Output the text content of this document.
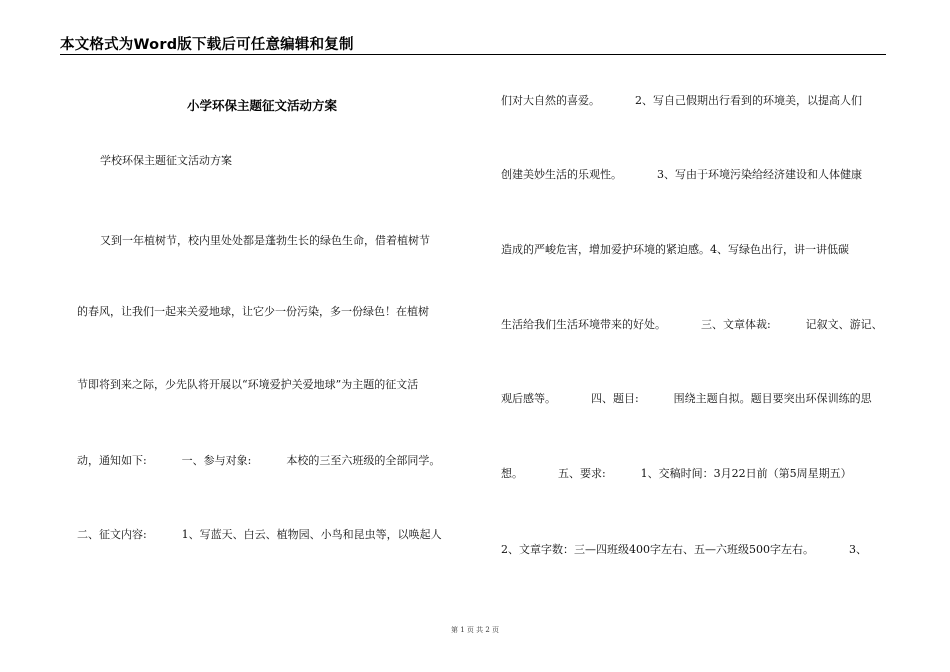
本文格式为Word版下载后可任意编辑和复制
小学环保主题征文活动方案
学校环保主题征文活动方案
又到一年植树节，校内里处处都是蓬勃生长的绿色生命，借着植树节
的春风，让我们一起来关爱地球，让它少一份污染，多一份绿色！在植树
节即将到来之际，少先队将开展以“环境爱护关爱地球”为主题的征文活
动，通知如下:          一、参与对象:          本校的三至六班级的全部同学。
二、征文内容:          1、写蓝天、白云、植物园、小鸟和昆虫等，以唤起人
们对大自然的喜爱。          2、写自己假期出行看到的环境美，以提高人们
创建美妙生活的乐观性。          3、写由于环境污染给经济建设和人体健康
造成的严峻危害，增加爱护环境的紧迫感。4、写绿色出行，讲一讲低碳
生活给我们生活环境带来的好处。          三、文章体裁:          记叙文、游记、
观后感等。          四、题目:          围绕主题自拟。题目要突出环保训练的思
想。          五、要求:          1、交稿时间：3月22日前（第5周星期五）
2、文章字数：三—四班级400字左右、五—六班级500字左右。          3、
第 1 页 共 2 页
